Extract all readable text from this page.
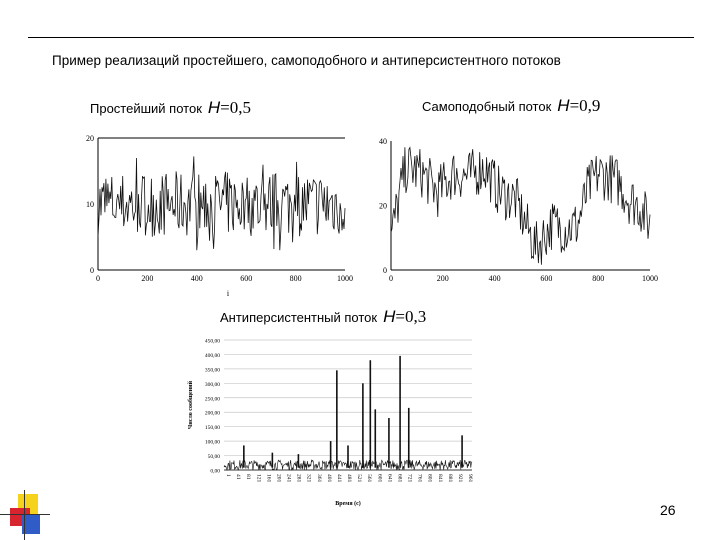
Пример реализаций простейшего, самоподобного и антиперсистентного потоков
Простейший поток H=0,5	Самоподобный поток H=0,9
Антиперсистентный поток H=0,3
0
10
20
0	200	400	600	800	1000
i
0
20
40
0	200	400	600	800	1000
0,00
50,00
100,00
150,00
200,00
250,00
300,00
350,00
400,00
450,00
1 41 81 121 161 201 241 281 321 361 401 441 481 521 561 601 641 681 721 761 801 841 881 921 961
Время (с)
Число сообщений
26
